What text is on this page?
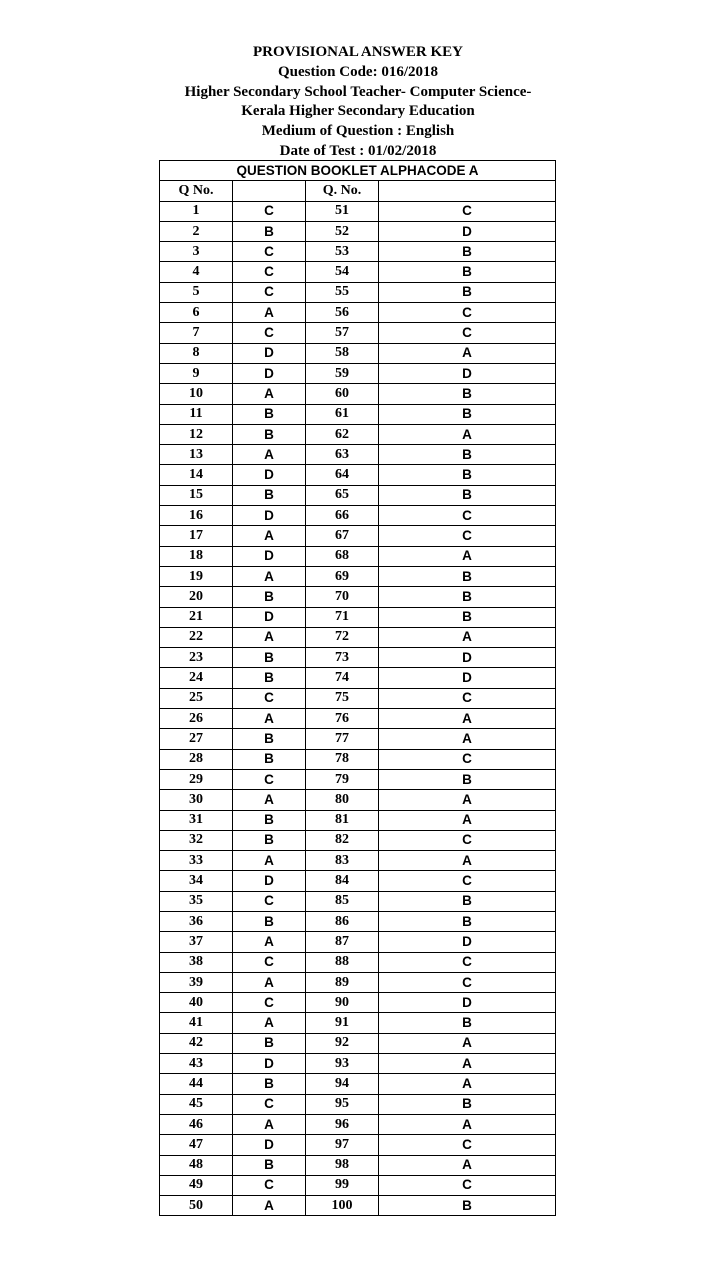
PROVISIONAL ANSWER KEY
Question Code: 016/2018
Higher Secondary School Teacher- Computer Science-
Kerala Higher Secondary Education
Medium of Question : English
Date of Test : 01/02/2018
QUESTION BOOKLET ALPHACODE A			
Q No.		Q. No.	
1	C	51	C
2	B	52	D
3	C	53	B
4	C	54	B
5	C	55	B
6	A	56	C
7	C	57	C
8	D	58	A
9	D	59	D
10	A	60	B
11	B	61	B
12	B	62	A
13	A	63	B
14	D	64	B
15	B	65	B
16	D	66	C
17	A	67	C
18	D	68	A
19	A	69	B
20	B	70	B
21	D	71	B
22	A	72	A
23	B	73	D
24	B	74	D
25	C	75	C
26	A	76	A
27	B	77	A
28	B	78	C
29	C	79	B
30	A	80	A
31	B	81	A
32	B	82	C
33	A	83	A
34	D	84	C
35	C	85	B
36	B	86	B
37	A	87	D
38	C	88	C
39	A	89	C
40	C	90	D
41	A	91	B
42	B	92	A
43	D	93	A
44	B	94	A
45	C	95	B
46	A	96	A
47	D	97	C
48	B	98	A
49	C	99	C
50	A	100	B
